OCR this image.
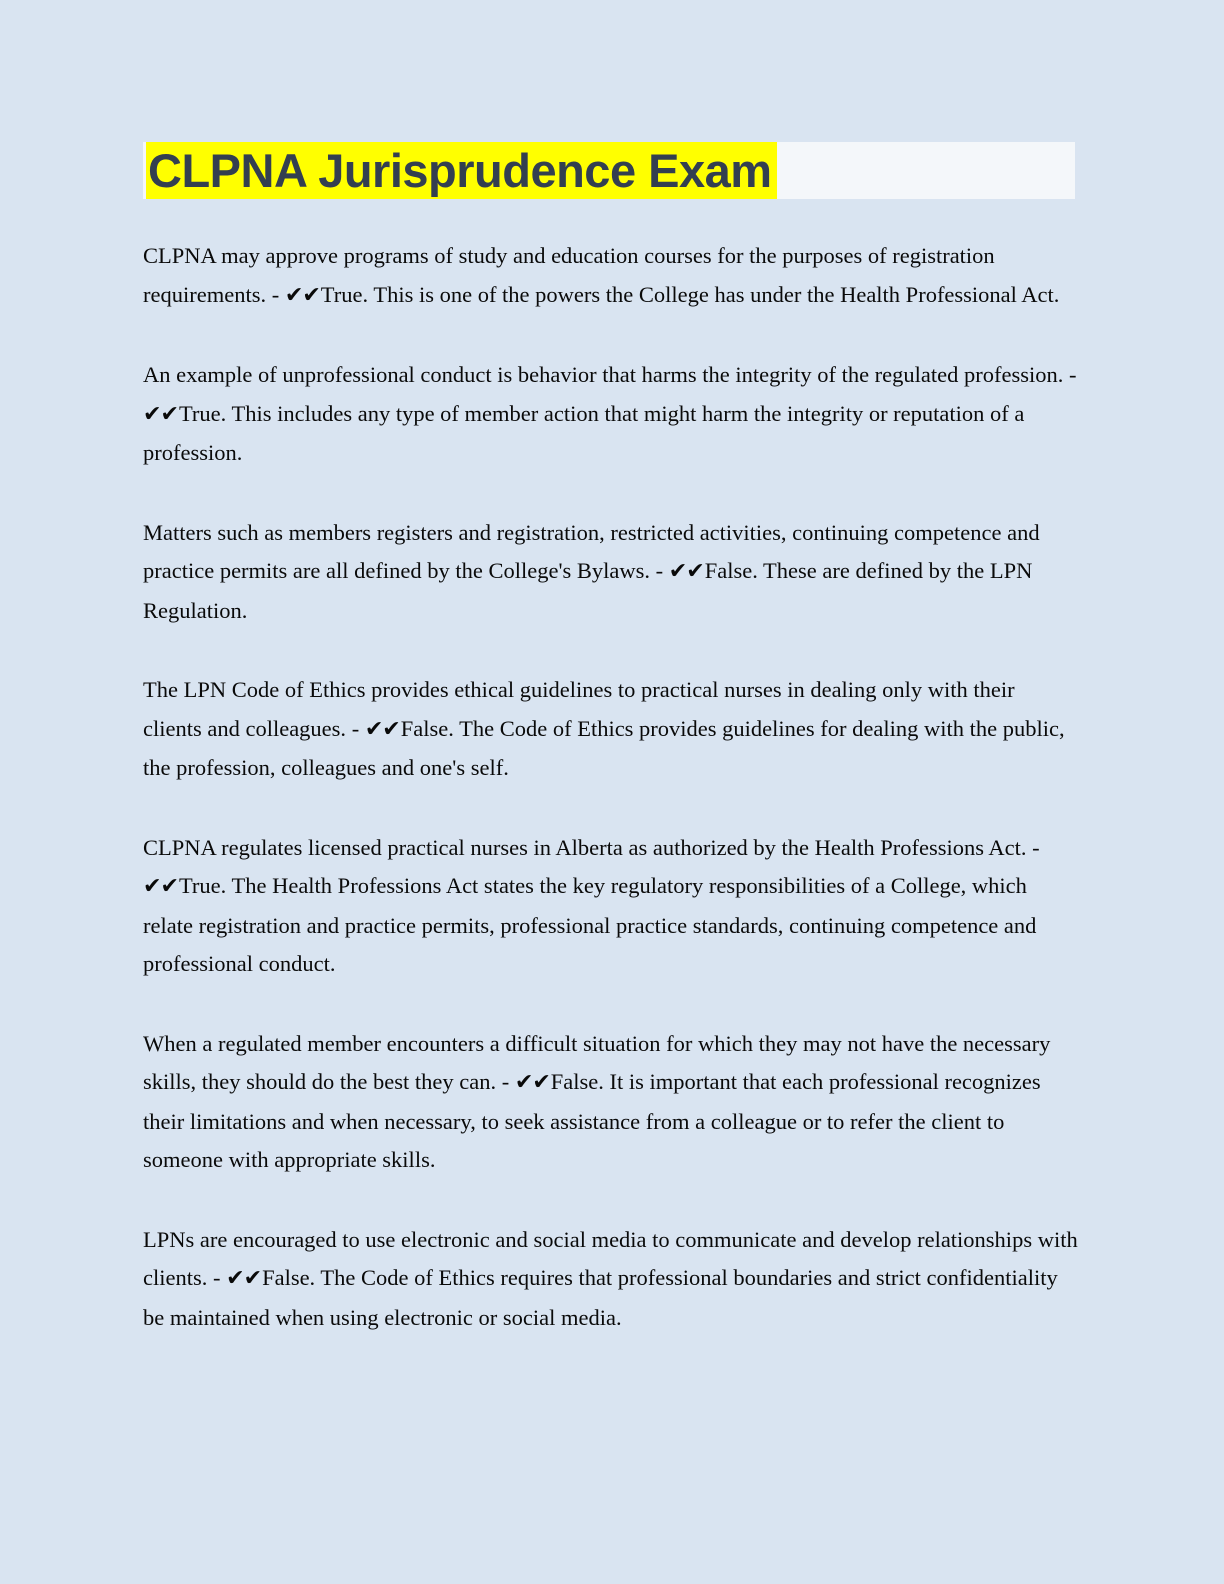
CLPNA Jurisprudence Exam

CLPNA may approve programs of study and education courses for the purposes of registration requirements. - ✔✔True. This is one of the powers the College has under the Health Professional Act.

An example of unprofessional conduct is behavior that harms the integrity of the regulated profession. - ✔✔True. This includes any type of member action that might harm the integrity or reputation of a profession.

Matters such as members registers and registration, restricted activities, continuing competence and practice permits are all defined by the College's Bylaws. - ✔✔False. These are defined by the LPN Regulation.

The LPN Code of Ethics provides ethical guidelines to practical nurses in dealing only with their clients and colleagues. - ✔✔False. The Code of Ethics provides guidelines for dealing with the public, the profession, colleagues and one's self.

CLPNA regulates licensed practical nurses in Alberta as authorized by the Health Professions Act. - ✔✔True. The Health Professions Act states the key regulatory responsibilities of a College, which relate registration and practice permits, professional practice standards, continuing competence and professional conduct.

When a regulated member encounters a difficult situation for which they may not have the necessary skills, they should do the best they can. - ✔✔False. It is important that each professional recognizes their limitations and when necessary, to seek assistance from a colleague or to refer the client to someone with appropriate skills.

LPNs are encouraged to use electronic and social media to communicate and develop relationships with clients. - ✔✔False. The Code of Ethics requires that professional boundaries and strict confidentiality be maintained when using electronic or social media.
